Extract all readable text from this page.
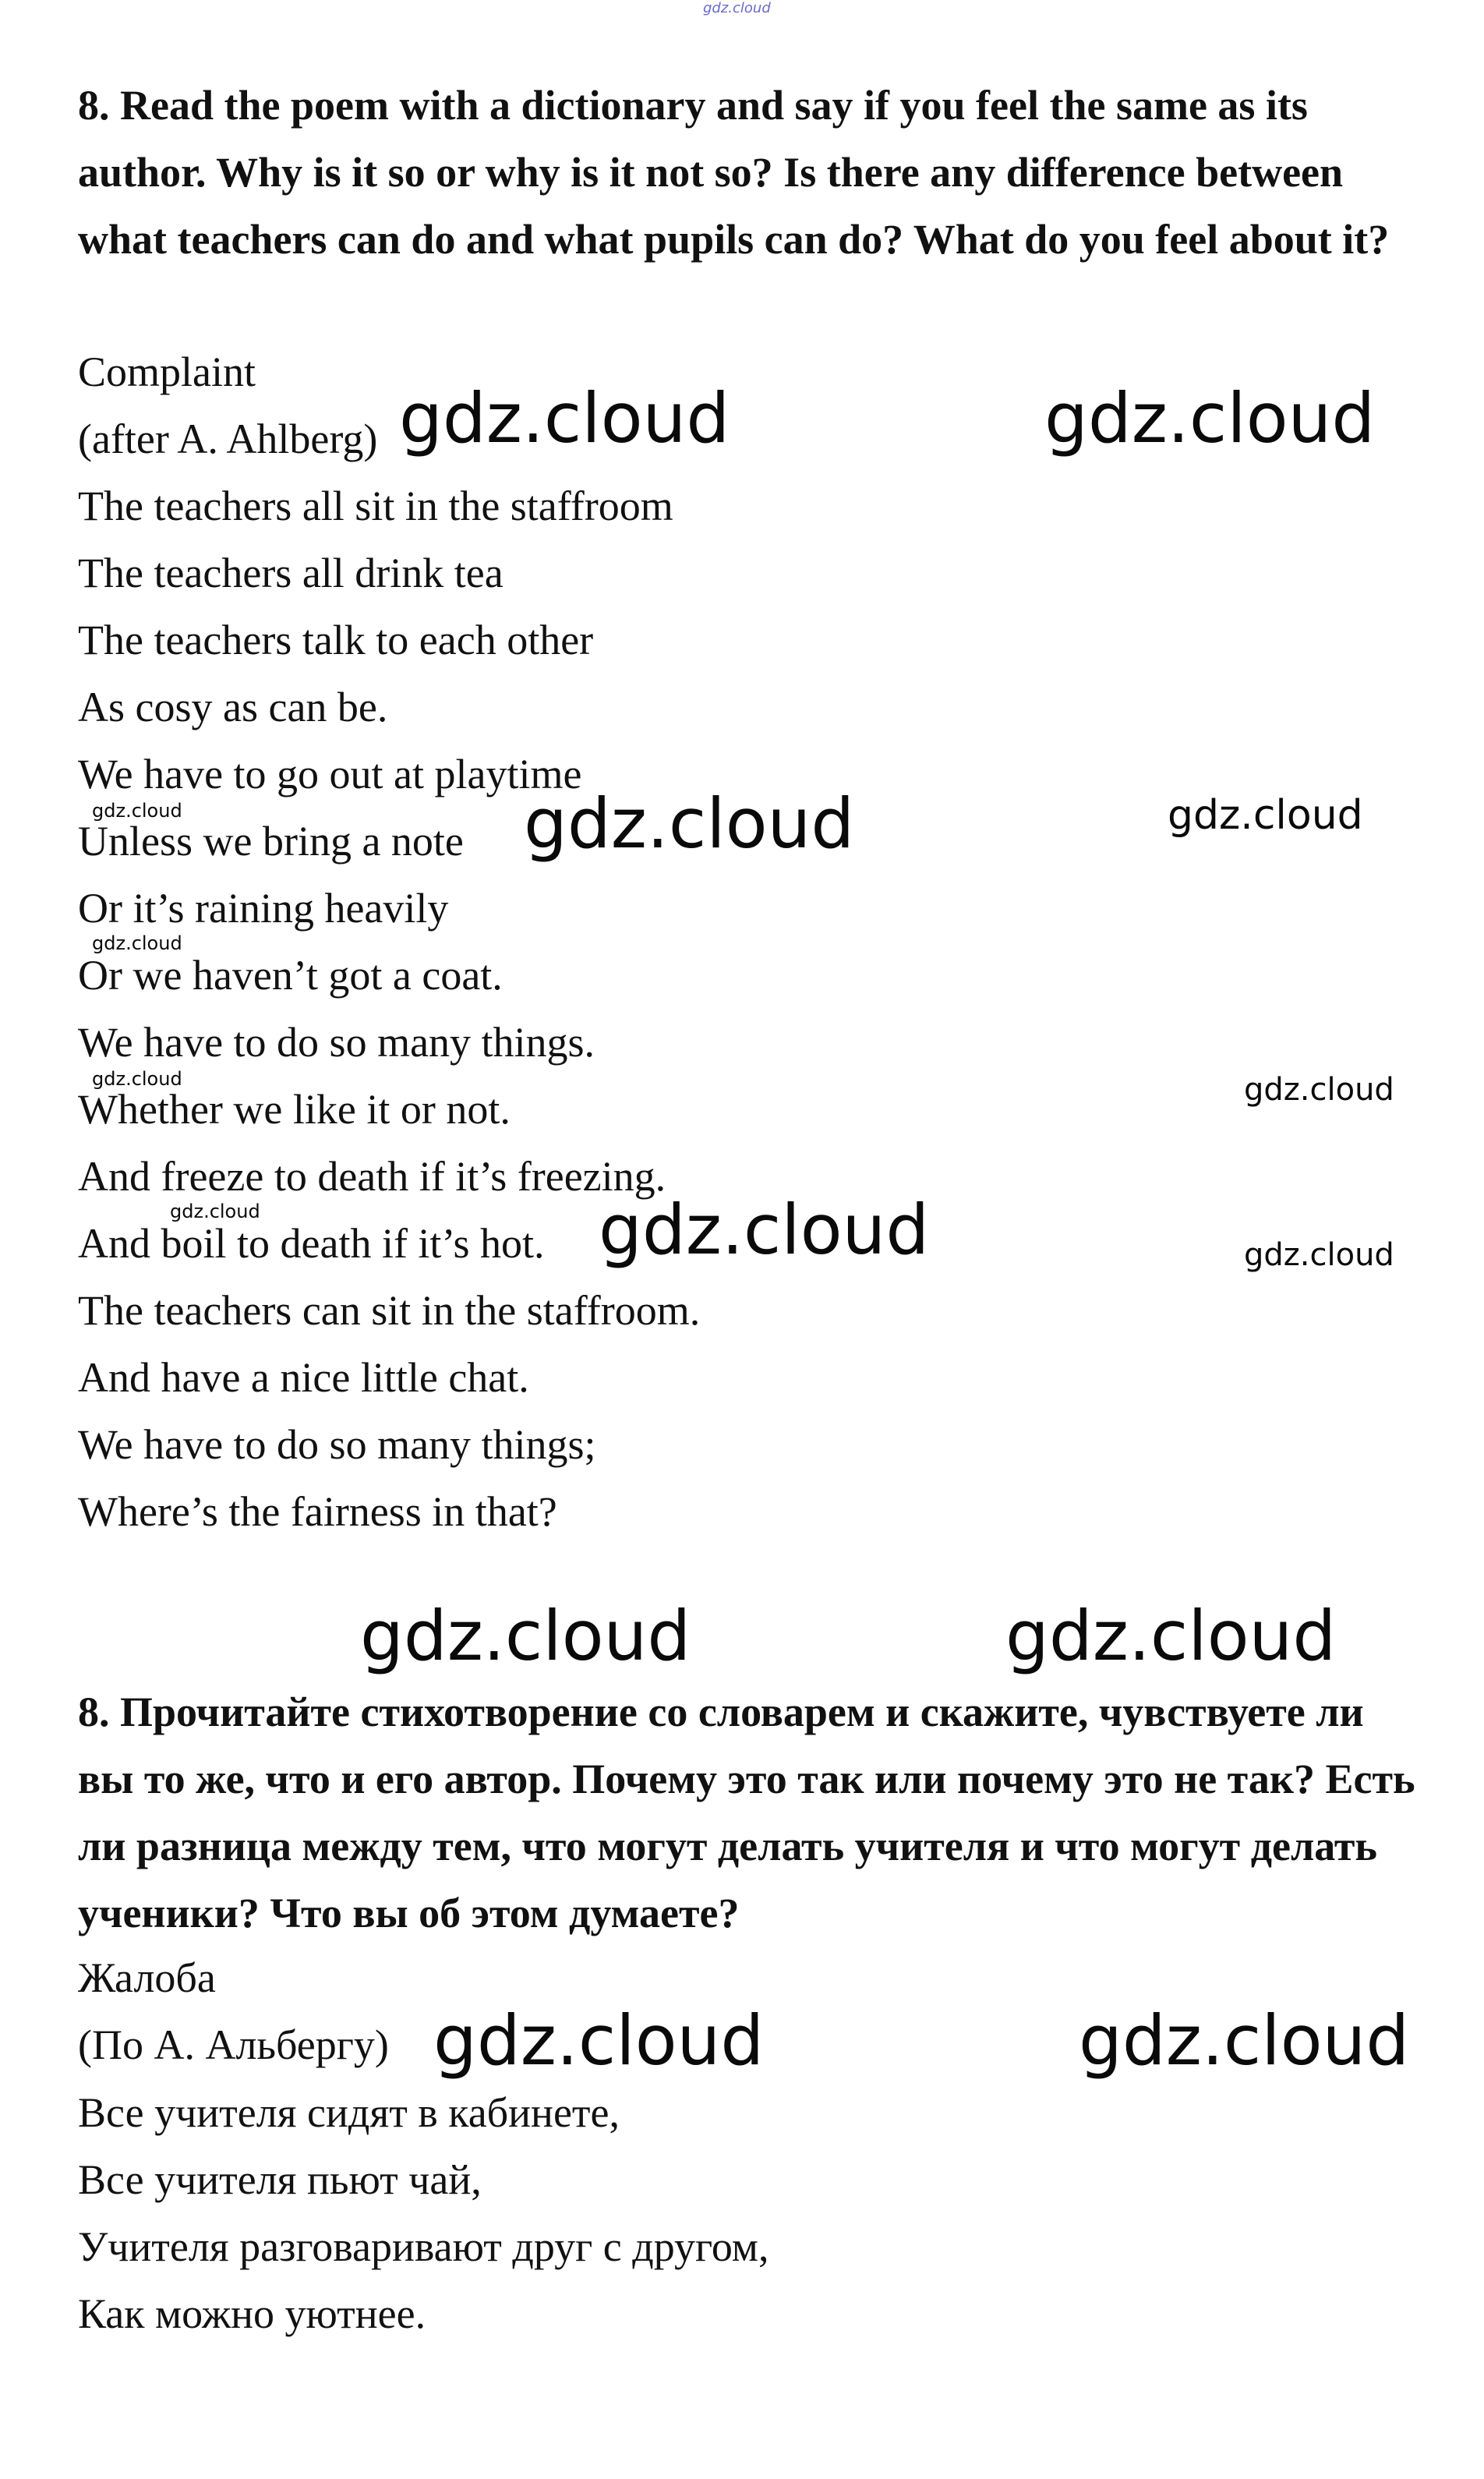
gdz.cloud
8. Read the poem with a dictionary and say if you feel the same as its author. Why is it so or why is it not so? Is there any difference between what teachers can do and what pupils can do? What do you feel about it?
Complaint
(after A. Ahlberg)
The teachers all sit in the staffroom
The teachers all drink tea
The teachers talk to each other
As cosy as can be.
We have to go out at playtime
Unless we bring a note
Or it’s raining heavily
Or we haven’t got a coat.
We have to do so many things.
Whether we like it or not.
And freeze to death if it’s freezing.
And boil to death if it’s hot.
The teachers can sit in the staffroom.
And have a nice little chat.
We have to do so many things;
Where’s the fairness in that?
8. Прочитайте стихотворение со словарем и скажите, чувствуете ли вы то же, что и его автор. Почему это так или почему это не так? Есть ли разница между тем, что могут делать учителя и что могут делать ученики? Что вы об этом думаете?
Жалоба
(По А. Альбергу)
Все учителя сидят в кабинете,
Все учителя пьют чай,
Учителя разговаривают друг с другом,
Как можно уютнее.
gdz.cloud	gdz.cloud
gdz.cloud	gdz.cloud	gdz.cloud
gdz.cloud
gdz.cloud	gdz.cloud
gdz.cloud	gdz.cloud	gdz.cloud
gdz.cloud	gdz.cloud
gdz.cloud	gdz.cloud
